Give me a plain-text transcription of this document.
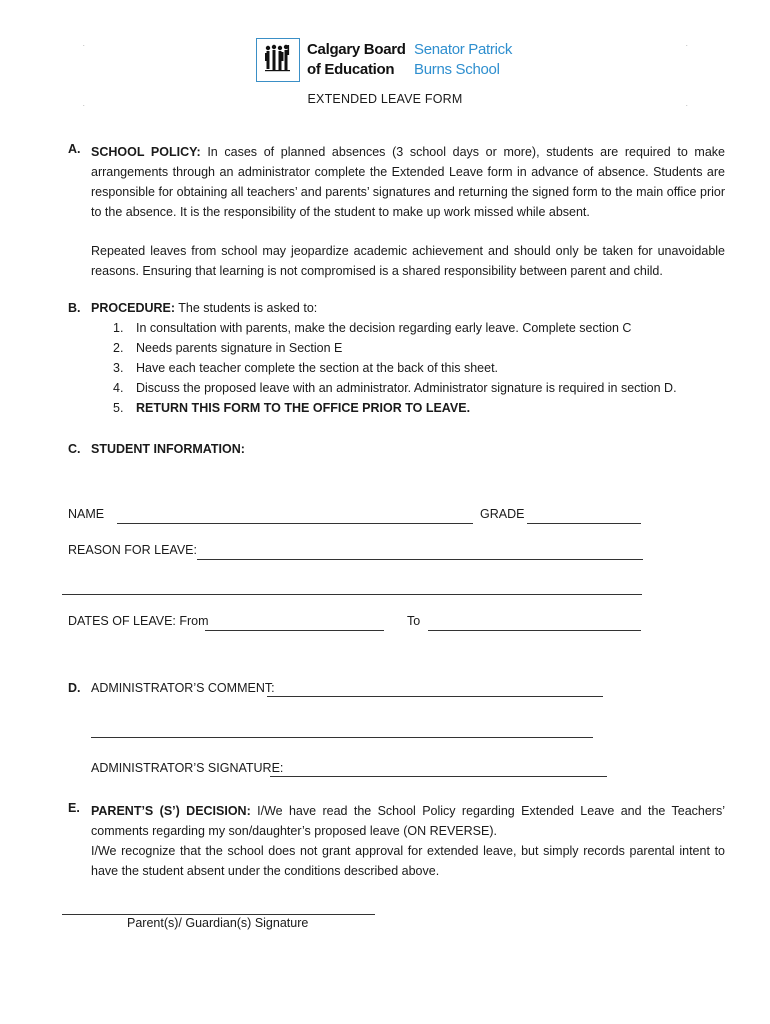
Calgary Board
of Education
Senator Patrick
Burns School
.	.
.	.
EXTENDED LEAVE FORM
A. SCHOOL POLICY: In cases of planned absences (3 school days or more), students are required to make arrangements through an administrator complete the Extended Leave form in advance of absence. Students are responsible for obtaining all teachers’ and parents’ signatures and returning the signed form to the main office prior to the absence. It is the responsibility of the student to make up work missed while absent.
Repeated leaves from school may jeopardize academic achievement and should only be taken for unavoidable reasons. Ensuring that learning is not compromised is a shared responsibility between parent and child.
B. PROCEDURE: The students is asked to:
1. In consultation with parents, make the decision regarding early leave. Complete section C
2. Needs parents signature in Section E
3. Have each teacher complete the section at the back of this sheet.
4. Discuss the proposed leave with an administrator. Administrator signature is required in section D.
5. RETURN THIS FORM TO THE OFFICE PRIOR TO LEAVE.
C. STUDENT INFORMATION:
NAME	GRADE
REASON FOR LEAVE:
DATES OF LEAVE: From	To
D. ADMINISTRATOR’S COMMENT:
ADMINISTRATOR’S SIGNATURE:
E. PARENT’S (S’) DECISION: I/We have read the School Policy regarding Extended Leave and the Teachers’ comments regarding my son/daughter’s proposed leave (ON REVERSE).
I/We recognize that the school does not grant approval for extended leave, but simply records parental intent to have the student absent under the conditions described above.
Parent(s)/ Guardian(s) Signature
